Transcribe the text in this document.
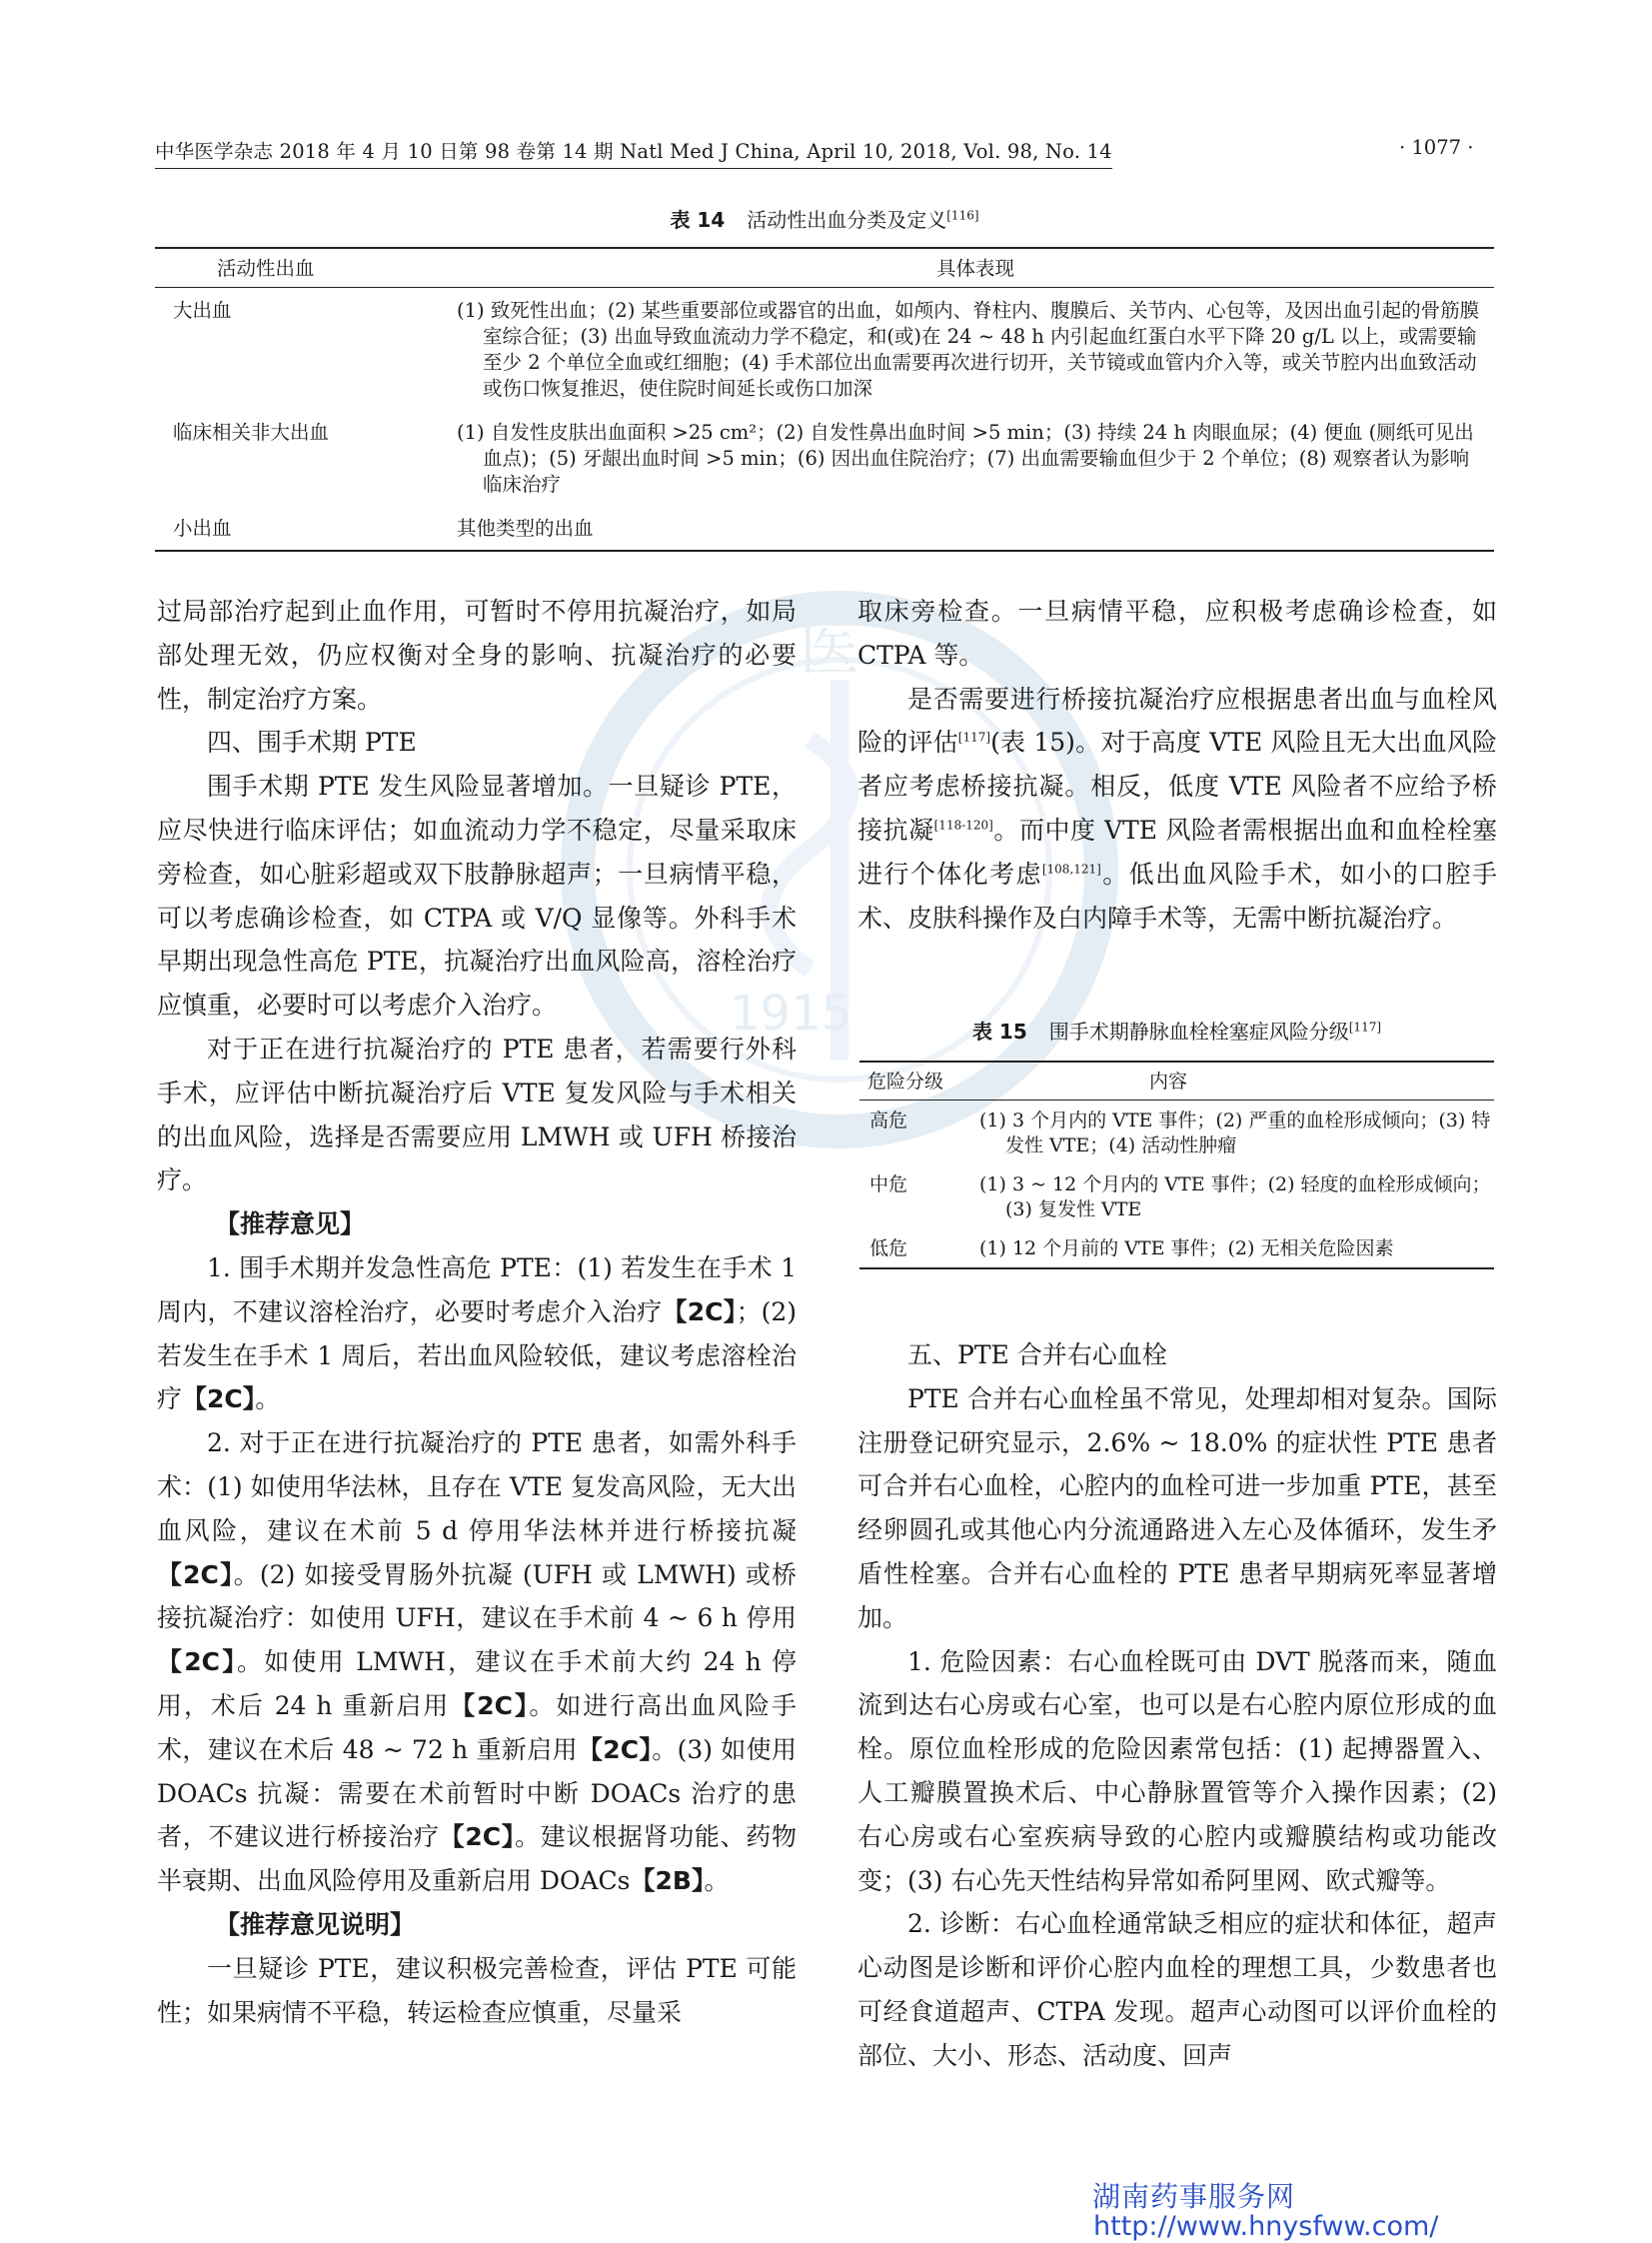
医
1915
中华医学杂志 2018 年 4 月 10 日第 98 卷第 14 期 Natl Med J China, April 10, 2018, Vol. 98, No. 14	· 1077 ·
表 14 活动性出血分类及定义[116]
活动性出血	具体表现
大出血	(1) 致死性出血；(2) 某些重要部位或器官的出血，如颅内、脊柱内、腹膜后、关节内、心包等，及因出血引起的骨筋膜室综合征；(3) 出血导致血流动力学不稳定，和(或)在 24 ~ 48 h 内引起血红蛋白水平下降 20 g/L 以上，或需要输至少 2 个单位全血或红细胞；(4) 手术部位出血需要再次进行切开，关节镜或血管内介入等，或关节腔内出血致活动或伤口恢复推迟，使住院时间延长或伤口加深

临床相关非大出血	(1) 自发性皮肤出血面积 >25 cm²；(2) 自发性鼻出血时间 >5 min；(3) 持续 24 h 肉眼血尿；(4) 便血 (厕纸可见出血点)；(5) 牙龈出血时间 >5 min；(6) 因出血住院治疗；(7) 出血需要输血但少于 2 个单位；(8) 观察者认为影响临床治疗

小出血	其他类型的出血

过局部治疗起到止血作用，可暂时不停用抗凝治疗，如局部处理无效，仍应权衡对全身的影响、抗凝治疗的必要性，制定治疗方案。

四、围手术期 PTE

围手术期 PTE 发生风险显著增加。一旦疑诊 PTE，应尽快进行临床评估；如血流动力学不稳定，尽量采取床旁检查，如心脏彩超或双下肢静脉超声；一旦病情平稳，可以考虑确诊检查，如 CTPA 或 V/Q 显像等。外科手术早期出现急性高危 PTE，抗凝治疗出血风险高，溶栓治疗应慎重，必要时可以考虑介入治疗。

对于正在进行抗凝治疗的 PTE 患者，若需要行外科手术，应评估中断抗凝治疗后 VTE 复发风险与手术相关的出血风险，选择是否需要应用 LMWH 或 UFH 桥接治疗。

【推荐意见】

1. 围手术期并发急性高危 PTE：(1) 若发生在手术 1 周内，不建议溶栓治疗，必要时考虑介入治疗【2C】；(2) 若发生在手术 1 周后，若出血风险较低，建议考虑溶栓治疗【2C】。

2. 对于正在进行抗凝治疗的 PTE 患者，如需外科手术：(1) 如使用华法林，且存在 VTE 复发高风险，无大出血风险，建议在术前 5 d 停用华法林并进行桥接抗凝【2C】。(2) 如接受胃肠外抗凝 (UFH 或 LMWH) 或桥接抗凝治疗：如使用 UFH，建议在手术前 4 ~ 6 h 停用【2C】。如使用 LMWH，建议在手术前大约 24 h 停用，术后 24 h 重新启用【2C】。如进行高出血风险手术，建议在术后 48 ~ 72 h 重新启用【2C】。(3) 如使用 DOACs 抗凝：需要在术前暂时中断 DOACs 治疗的患者，不建议进行桥接治疗【2C】。建议根据肾功能、药物半衰期、出血风险停用及重新启用 DOACs【2B】。

【推荐意见说明】

一旦疑诊 PTE，建议积极完善检查，评估 PTE 可能性；如果病情不平稳，转运检查应慎重，尽量采

取床旁检查。一旦病情平稳，应积极考虑确诊检查，如 CTPA 等。

是否需要进行桥接抗凝治疗应根据患者出血与血栓风险的评估[117](表 15)。对于高度 VTE 风险且无大出血风险者应考虑桥接抗凝。相反，低度 VTE 风险者不应给予桥接抗凝[118-120]。而中度 VTE 风险者需根据出血和血栓栓塞进行个体化考虑[108,121]。低出血风险手术，如小的口腔手术、皮肤科操作及白内障手术等，无需中断抗凝治疗。

表 15 围手术期静脉血栓栓塞症风险分级[117]
危险分级	内容
高危	(1) 3 个月内的 VTE 事件；(2) 严重的血栓形成倾向；(3) 特发性 VTE；(4) 活动性肿瘤

中危	(1) 3 ~ 12 个月内的 VTE 事件；(2) 轻度的血栓形成倾向；(3) 复发性 VTE

低危	(1) 12 个月前的 VTE 事件；(2) 无相关危险因素

五、PTE 合并右心血栓

PTE 合并右心血栓虽不常见，处理却相对复杂。国际注册登记研究显示，2.6% ~ 18.0% 的症状性 PTE 患者可合并右心血栓，心腔内的血栓可进一步加重 PTE，甚至经卵圆孔或其他心内分流通路进入左心及体循环，发生矛盾性栓塞。合并右心血栓的 PTE 患者早期病死率显著增加。

1. 危险因素：右心血栓既可由 DVT 脱落而来，随血流到达右心房或右心室，也可以是右心腔内原位形成的血栓。原位血栓形成的危险因素常包括：(1) 起搏器置入、人工瓣膜置换术后、中心静脉置管等介入操作因素；(2) 右心房或右心室疾病导致的心腔内或瓣膜结构或功能改变；(3) 右心先天性结构异常如希阿里网、欧式瓣等。

2. 诊断：右心血栓通常缺乏相应的症状和体征，超声心动图是诊断和评价心腔内血栓的理想工具，少数患者也可经食道超声、CTPA 发现。超声心动图可以评价血栓的部位、大小、形态、活动度、回声

湖南药事服务网
http://www.hnysfww.com/
